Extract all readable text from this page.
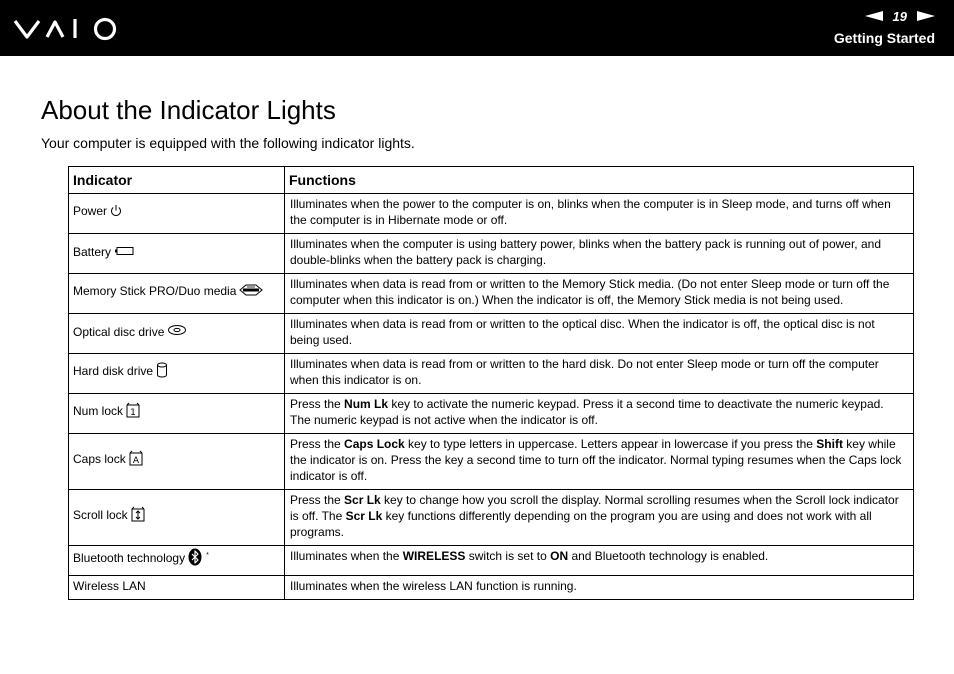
19
Getting Started
About the Indicator Lights

Your computer is equipped with the following indicator lights.

Indicator	Functions
Power	Illuminates when the power to the computer is on, blinks when the computer is in Sleep mode, and turns off when the computer is in Hibernate mode or off.
Battery	Illuminates when the computer is using battery power, blinks when the battery pack is running out of power, and double-blinks when the battery pack is charging.
Memory Stick PRO/Duo media	Illuminates when data is read from or written to the Memory Stick media. (Do not enter Sleep mode or turn off the computer when this indicator is on.) When the indicator is off, the Memory Stick media is not being used.
Optical disc drive	Illuminates when data is read from or written to the optical disc. When the indicator is off, the optical disc is not being used.
Hard disk drive	Illuminates when data is read from or written to the hard disk. Do not enter Sleep mode or turn off the computer when this indicator is on.
Num lock 1	Press the Num Lk key to activate the numeric keypad. Press it a second time to deactivate the numeric keypad. The numeric keypad is not active when the indicator is off.
Caps lock A	Press the Caps Lock key to type letters in uppercase. Letters appear in lowercase if you press the Shift key while the indicator is on. Press the key a second time to turn off the indicator. Normal typing resumes when the Caps lock indicator is off.
Scroll lock	Press the Scr Lk key to change how you scroll the display. Normal scrolling resumes when the Scroll lock indicator is off. The Scr Lk key functions differently depending on the program you are using and does not work with all programs.
Bluetooth technology *	Illuminates when the WIRELESS switch is set to ON and Bluetooth technology is enabled.
Wireless LAN	Illuminates when the wireless LAN function is running.
